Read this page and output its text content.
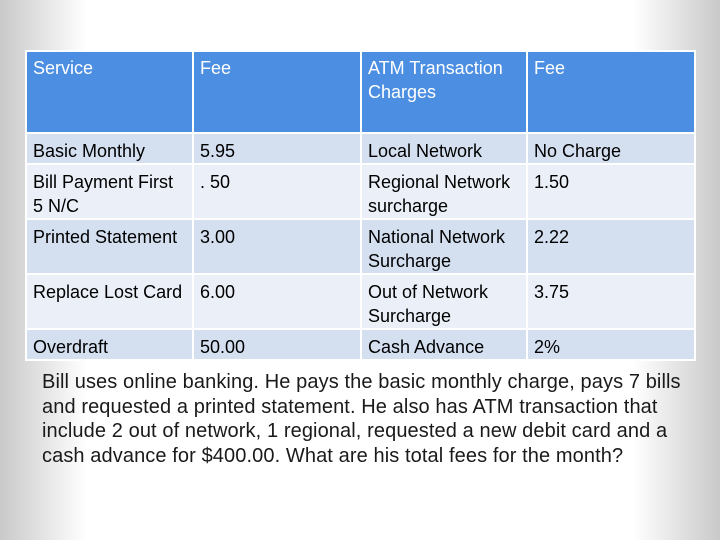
Service	Fee	ATM Transaction Charges	Fee
Basic Monthly	5.95	Local Network	No Charge
Bill Payment First 5 N/C	. 50	Regional Network surcharge	1.50
Printed Statement	3.00	National Network Surcharge	2.22
Replace Lost Card	6.00	Out of Network Surcharge	3.75
Overdraft	50.00	Cash Advance	2%

Bill uses online banking. He pays the basic monthly charge, pays 7 bills and requested a printed statement. He also has ATM transaction that include 2 out of network, 1 regional, requested a new debit card and a cash advance for $400.00. What are his total fees for the month?
